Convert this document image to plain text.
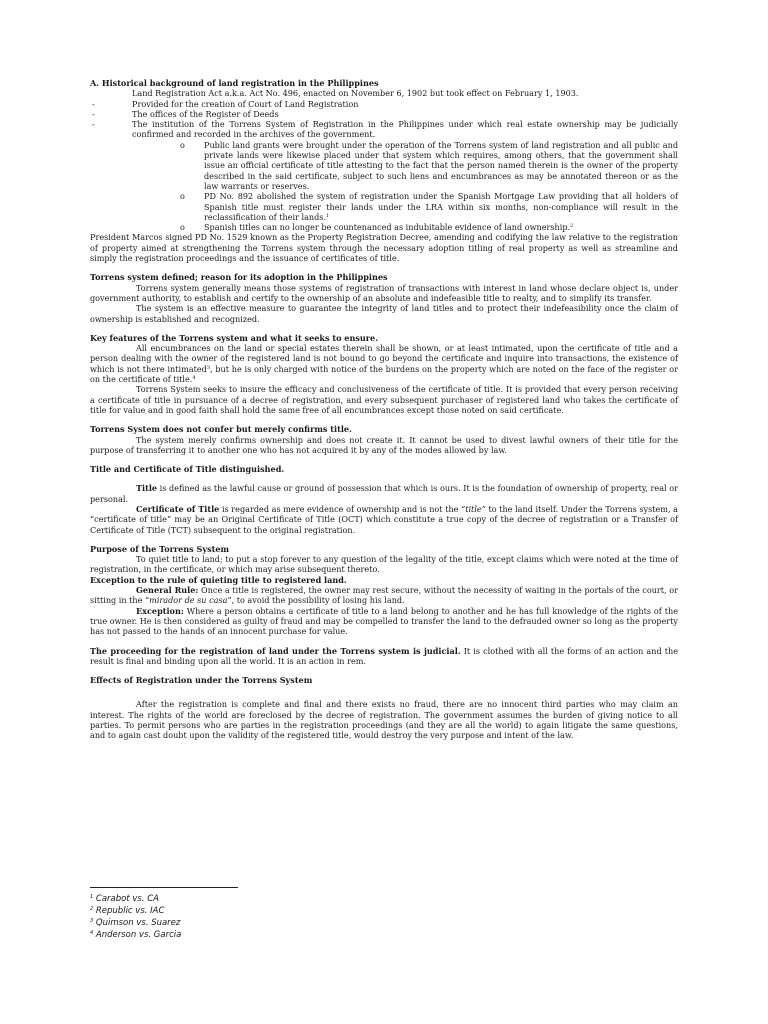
A. Historical background of land registration in the Philippines

Land Registration Act a.k.a. Act No. 496, enacted on November 6, 1902 but took effect on February 1, 1903.

-	Provided for the creation of Court of Land Registration
-	The offices of the Register of Deeds
-	The institution of the Torrens System of Registration in the Philippines under which real estate ownership may be judicially confirmed and recorded in the archives of the government.
o	Public land grants were brought under the operation of the Torrens system of land registration and all public and private lands were likewise placed under that system which requires, among others, that the government shall issue an official certificate of title attesting to the fact that the person named therein is the owner of the property described in the said certificate, subject to such liens and encumbrances as may be annotated thereon or as the law warrants or reserves.
o	PD No. 892 abolished the system of registration under the Spanish Mortgage Law providing that all holders of Spanish title must register their lands under the LRA within six months, non-compliance will result in the reclassification of their lands.$^1$
o	Spanish titles can no longer be countenanced as indubitable evidence of land ownership.$^2$

President Marcos signed PD No. 1529 known as the Property Registration Decree, amending and codifying the law relative to the registration of property aimed at strengthening the Torrens system through the necessary adoption titling of real property as well as streamline and simply the registration proceedings and the issuance of certificates of title.

Torrens system defined; reason for its adoption in the Philippines

Torrens system generally means those systems of registration of transactions with interest in land whose declare object is, under government authority, to establish and certify to the ownership of an absolute and indefeasible title to realty, and to simplify its transfer.

The system is an effective measure to guarantee the integrity of land titles and to protect their indefeasibility once the claim of ownership is established and recognized.

Key features of the Torrens system and what it seeks to ensure.

All encumbrances on the land or special estates therein shall be shown, or at least intimated, upon the certificate of title and a person dealing with the owner of the registered land is not bound to go beyond the certificate and inquire into transactions, the existence of which is not there intimated$^3$, but he is only charged with notice of the burdens on the property which are noted on the face of the register or on the certificate of title.$^4$

Torrens System seeks to insure the efficacy and conclusiveness of the certificate of title. It is provided that every person receiving a certificate of title in pursuance of a decree of registration, and every subsequent purchaser of registered land who takes the certificate of title for value and in good faith shall hold the same free of all encumbrances except those noted on said certificate.

Torrens System does not confer but merely confirms title.

The system merely confirms ownership and does not create it. It cannot be used to divest lawful owners of their title for the purpose of transferring it to another one who has not acquired it by any of the modes allowed by law.

Title and Certificate of Title distinguished.

Title is defined as the lawful cause or ground of possession that which is ours. It is the foundation of ownership of property, real or personal.

Certificate of Title is regarded as mere evidence of ownership and is not the “title” to the land itself. Under the Torrens system, a “certificate of title” may be an Original Certificate of Title (OCT) which constitute a true copy of the decree of registration or a Transfer of Certificate of Title (TCT) subsequent to the original registration.

Purpose of the Torrens System

To quiet title to land; to put a stop forever to any question of the legality of the title, except claims which were noted at the time of registration, in the certificate, or which may arise subsequent thereto.

Exception to the rule of quieting title to registered land.

General Rule: Once a title is registered, the owner may rest secure, without the necessity of waiting in the portals of the court, or sitting in the “mirador de su casa”, to avoid the possibility of losing his land.

Exception: Where a person obtains a certificate of title to a land belong to another and he has full knowledge of the rights of the true owner. He is then considered as guilty of fraud and may be compelled to transfer the land to the defrauded owner so long as the property has not passed to the hands of an innocent purchase for value.

The proceeding for the registration of land under the Torrens system is judicial. It is clothed with all the forms of an action and the result is final and binding upon all the world. It is an action in rem.

Effects of Registration under the Torrens System

After the registration is complete and final and there exists no fraud, there are no innocent third parties who may claim an interest. The rights of the world are foreclosed by the decree of registration. The government assumes the burden of giving notice to all parties. To permit persons who are parties in the registration proceedings (and they are all the world) to again litigate the same questions, and to again cast doubt upon the validity of the registered title, would destroy the very purpose and intent of the law.

$^1$ Carabot vs. CA
$^2$ Republic vs. IAC
$^3$ Quimson vs. Suarez
$^4$ Anderson vs. Garcia
